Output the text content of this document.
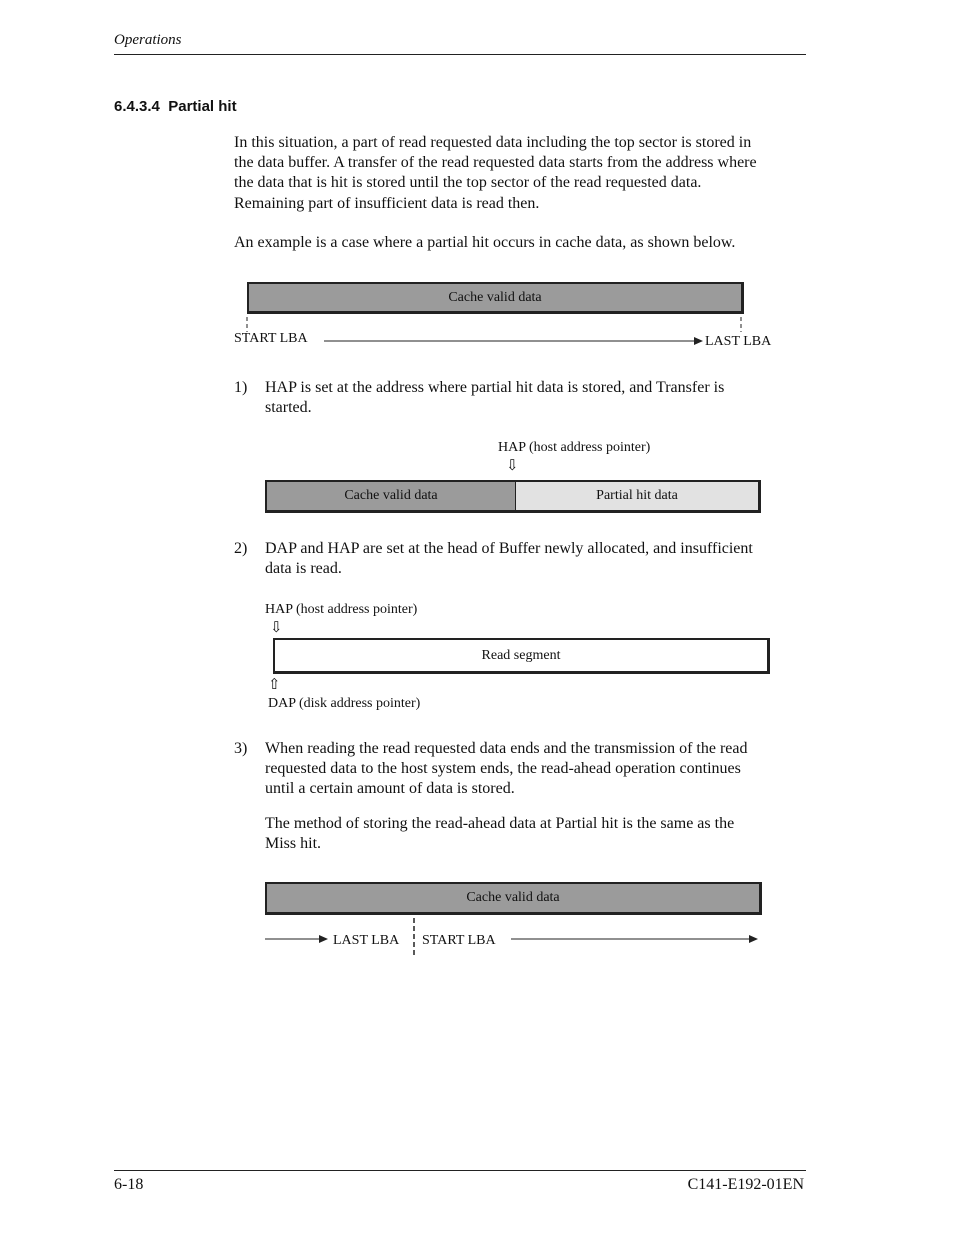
Operations
6.4.3.4 Partial hit
In this situation, a part of read requested data including the top sector is stored in
the data buffer. A transfer of the read requested data starts from the address where
the data that is hit is stored until the top sector of the read requested data.
Remaining part of insufficient data is read then.
An example is a case where a partial hit occurs in cache data, as shown below.
Cache valid data
START LBA	LAST LBA
1) HAP is set at the address where partial hit data is stored, and Transfer is
started.
HAP (host address pointer)
⇩
Cache valid data	Partial hit data
2) DAP and HAP are set at the head of Buffer newly allocated, and insufficient
data is read.
HAP (host address pointer)
⇩
Read segment
⇧
DAP (disk address pointer)
3) When reading the read requested data ends and the transmission of the read
requested data to the host system ends, the read-ahead operation continues
until a certain amount of data is stored.
The method of storing the read-ahead data at Partial hit is the same as the
Miss hit.
Cache valid data
LAST LBA START LBA
6-18	C141-E192-01EN
